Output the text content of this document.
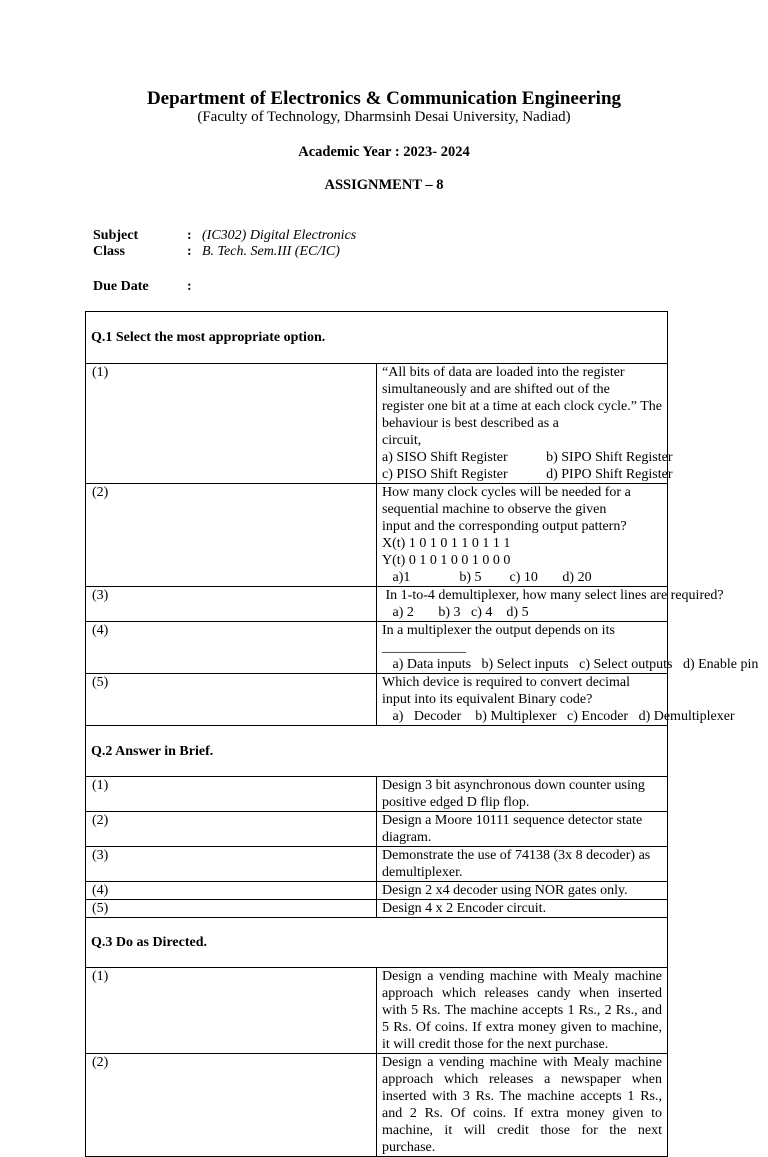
Department of Electronics & Communication Engineering
(Faculty of Technology, Dharmsinh Desai University, Nadiad)
Academic Year : 2023- 2024
ASSIGNMENT – 8
Subject	: (IC302) Digital Electronics
Class	: B. Tech. Sem.III (EC/IC)
Due Date	:
Q.1 Select the most appropriate option.	
(1)	“All bits of data are loaded into the register simultaneously and are shifted out of the
register one bit at a time at each clock cycle.” The behaviour is best described as a
circuit,
a) SISO Shift Register           b) SIPO Shift Register
c) PISO Shift Register           d) PIPO Shift Register

(2)	How many clock cycles will be needed for a sequential machine to observe the given
input and the corresponding output pattern?
X(t) 1 0 1 0 1 1 0 1 1 1
Y(t) 0 1 0 1 0 0 1 0 0 0
a)1              b) 5        c) 10       d) 20

(3)	In 1-to-4 demultiplexer, how many select lines are required?
a) 2       b) 3   c) 4    d) 5

(4)	In a multiplexer the output depends on its ____________
a) Data inputs   b) Select inputs   c) Select outputs   d) Enable pin

(5)	Which device is required to convert decimal input into its equivalent Binary code?
a)   Decoder    b) Multiplexer   c) Encoder   d) Demultiplexer

Q.2 Answer in Brief.	
(1)	Design 3 bit asynchronous down counter using positive edged D flip flop.
(2)	Design a Moore 10111 sequence detector state diagram.
(3)	Demonstrate the use of 74138 (3x 8 decoder) as demultiplexer.
(4)	Design 2 x4 decoder using NOR gates only.
(5)	Design 4 x 2 Encoder circuit.
Q.3 Do as Directed.	
(1)	Design a vending machine with Mealy machine approach which releases candy when inserted with 5 Rs. The machine accepts 1 Rs., 2 Rs., and 5 Rs. Of coins. If extra money given to machine, it will credit those for the next purchase.
(2)	Design a vending machine with Mealy machine approach which releases a newspaper when inserted with 3 Rs. The machine accepts 1 Rs., and 2 Rs. Of coins. If extra money given to machine, it will credit those for the next purchase.
